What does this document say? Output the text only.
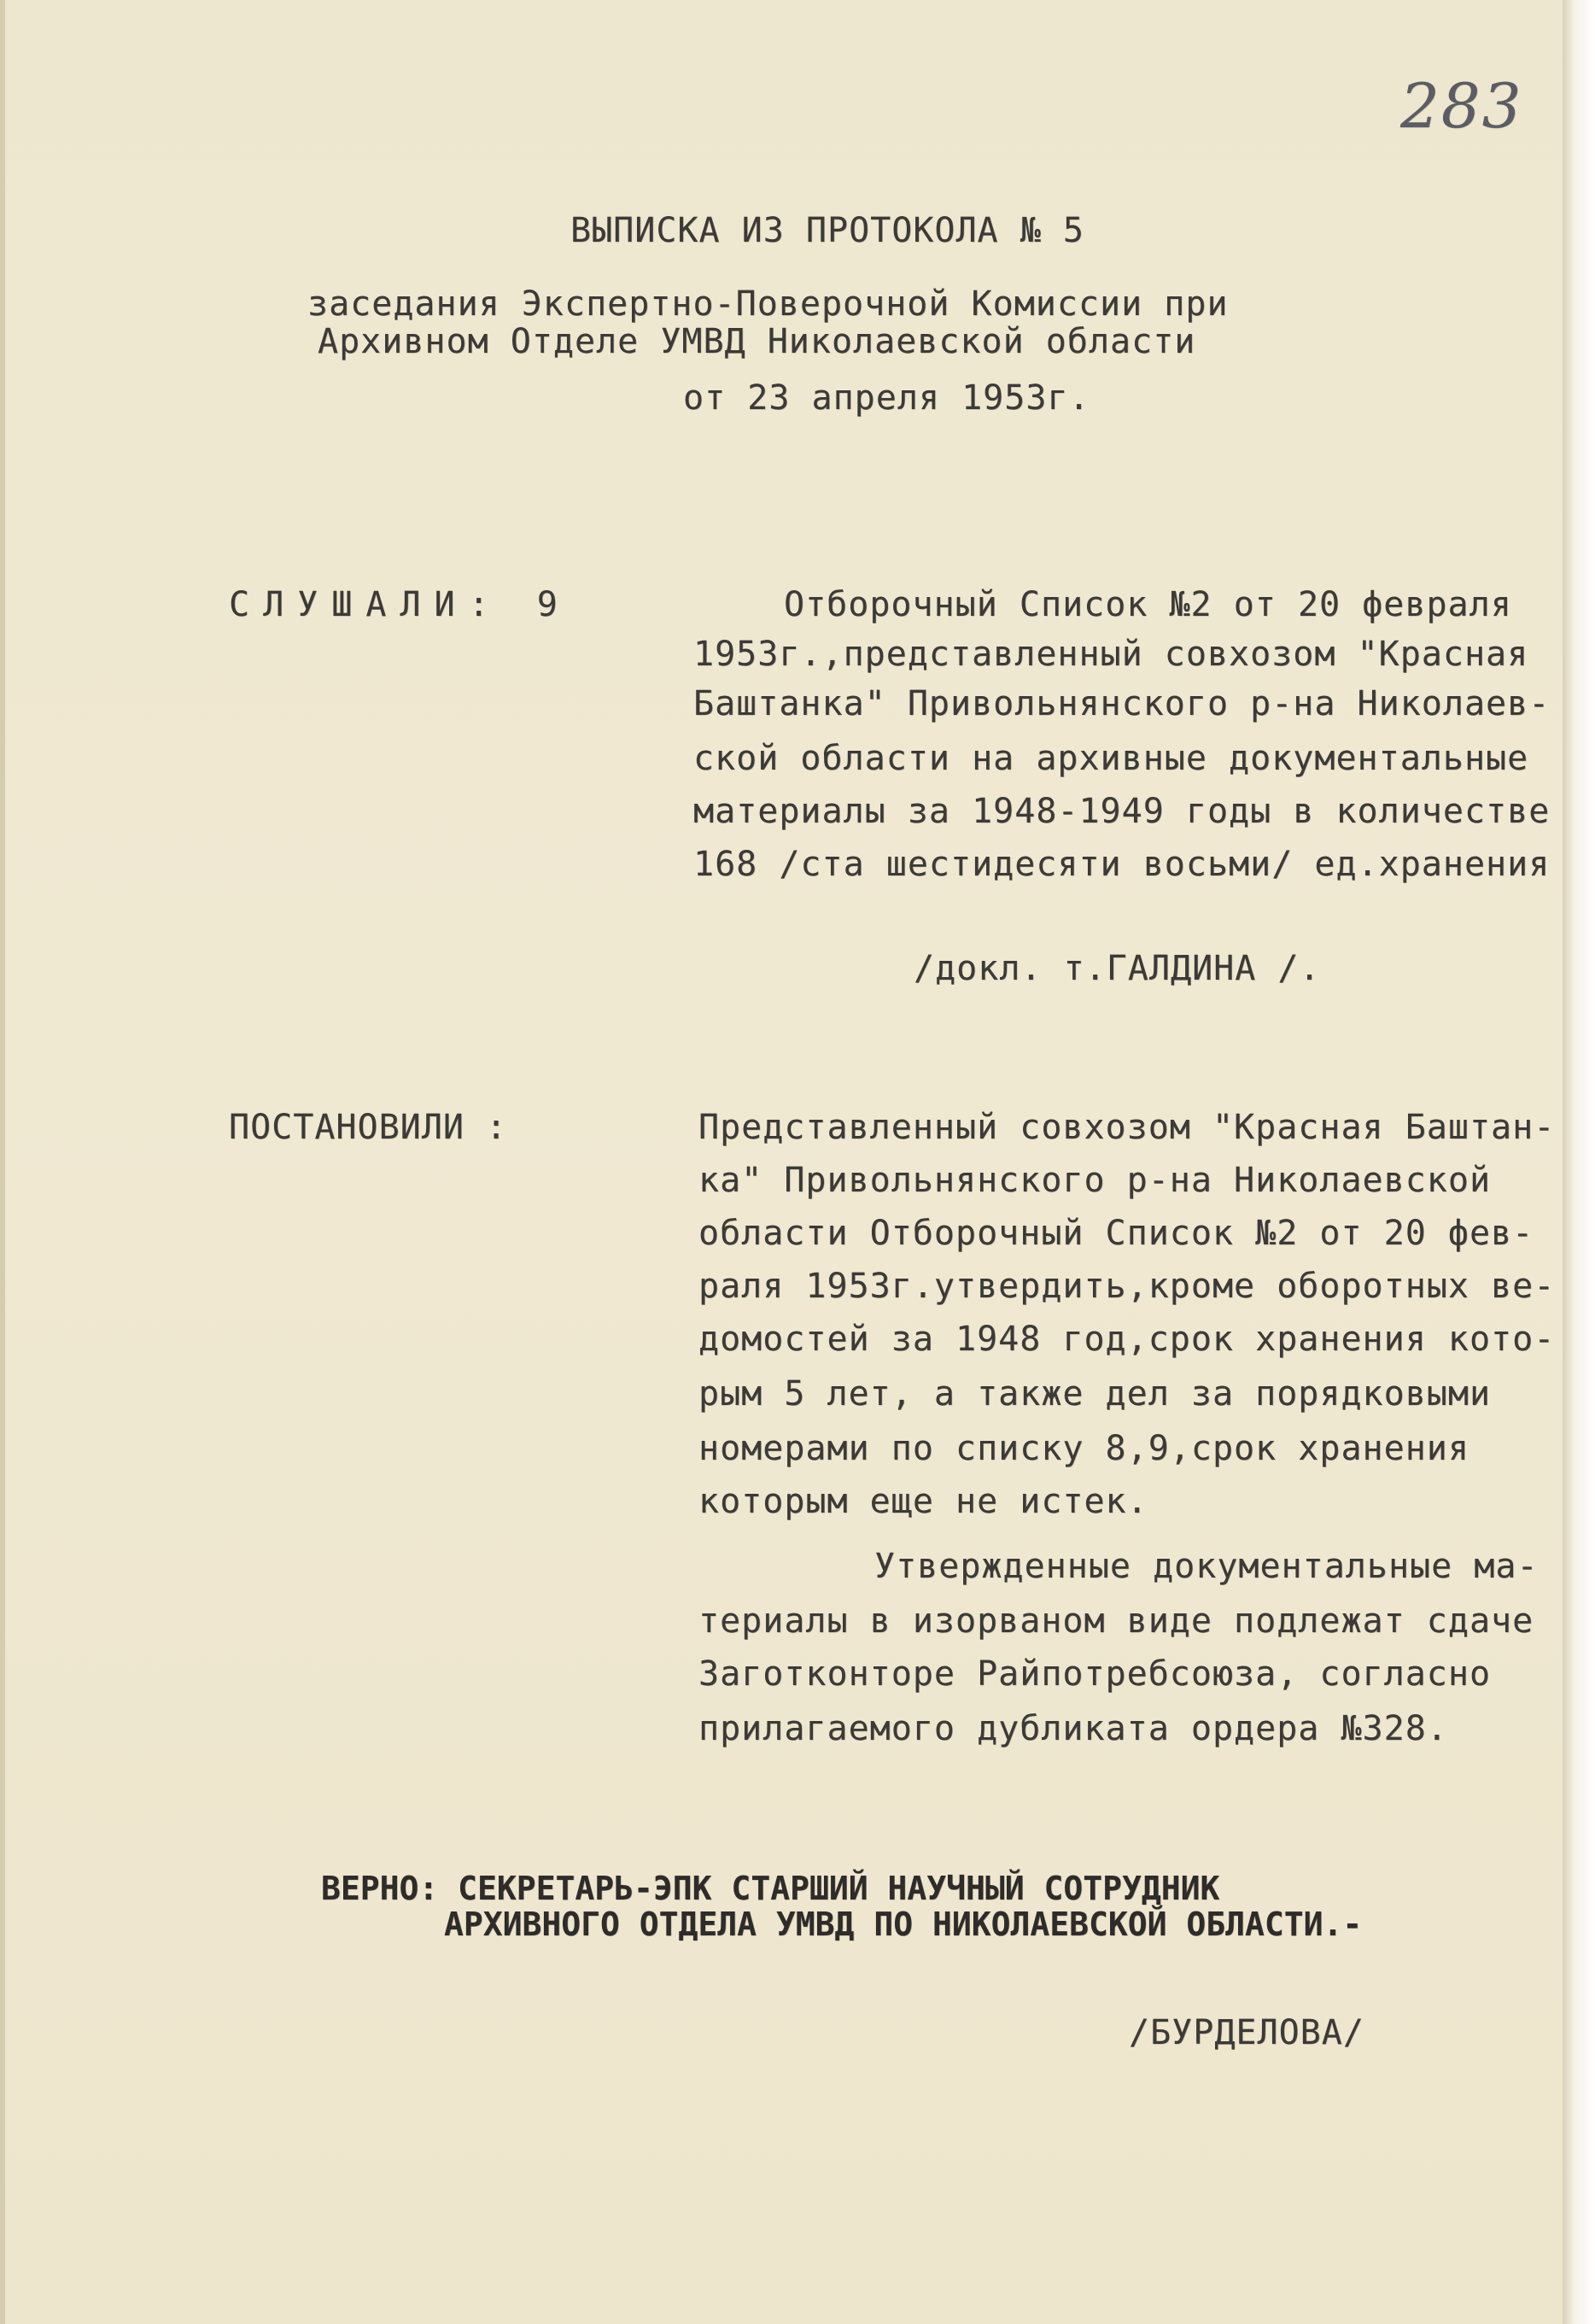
283
ВЫПИСКА ИЗ ПРОТОКОЛА № 5
заседания Экспертно-Поверочной Комиссии при
Архивном Отделе УМВД Николаевской области
от 23 апреля 1953г.
СЛУШАЛИ: 9	Отборочный Список №2 от 20 февраля
1953г.,представленный совхозом "Красная
Баштанка" Привольнянского р-на Николаев-
ской области на архивные документальные
материалы за 1948-1949 годы в количестве
168 /ста шестидесяти восьми/ ед.хранения
/докл. т.ГАЛДИНА /.
ПОСТАНОВИЛИ :	Представленный совхозом "Красная Баштан-
ка" Привольнянского р-на Николаевской
области Отборочный Список №2 от 20 фев-
раля 1953г.утвердить,кроме оборотных ве-
домостей за 1948 год,срок хранения кото-
рым 5 лет, а также дел за порядковыми
номерами по списку 8,9,срок хранения
которым еще не истек.
Утвержденные документальные ма-
териалы в изорваном виде подлежат сдаче
Заготконторе Райпотребсоюза, согласно
прилагаемого дубликата ордера №328.
ВЕРНО: СЕКРЕТАРЬ-ЭПК СТАРШИЙ НАУЧНЫЙ СОТРУДНИК
АРХИВНОГО ОТДЕЛА УМВД ПО НИКОЛАЕВСКОЙ ОБЛАСТИ.-
/БУРДЕЛОВА/
